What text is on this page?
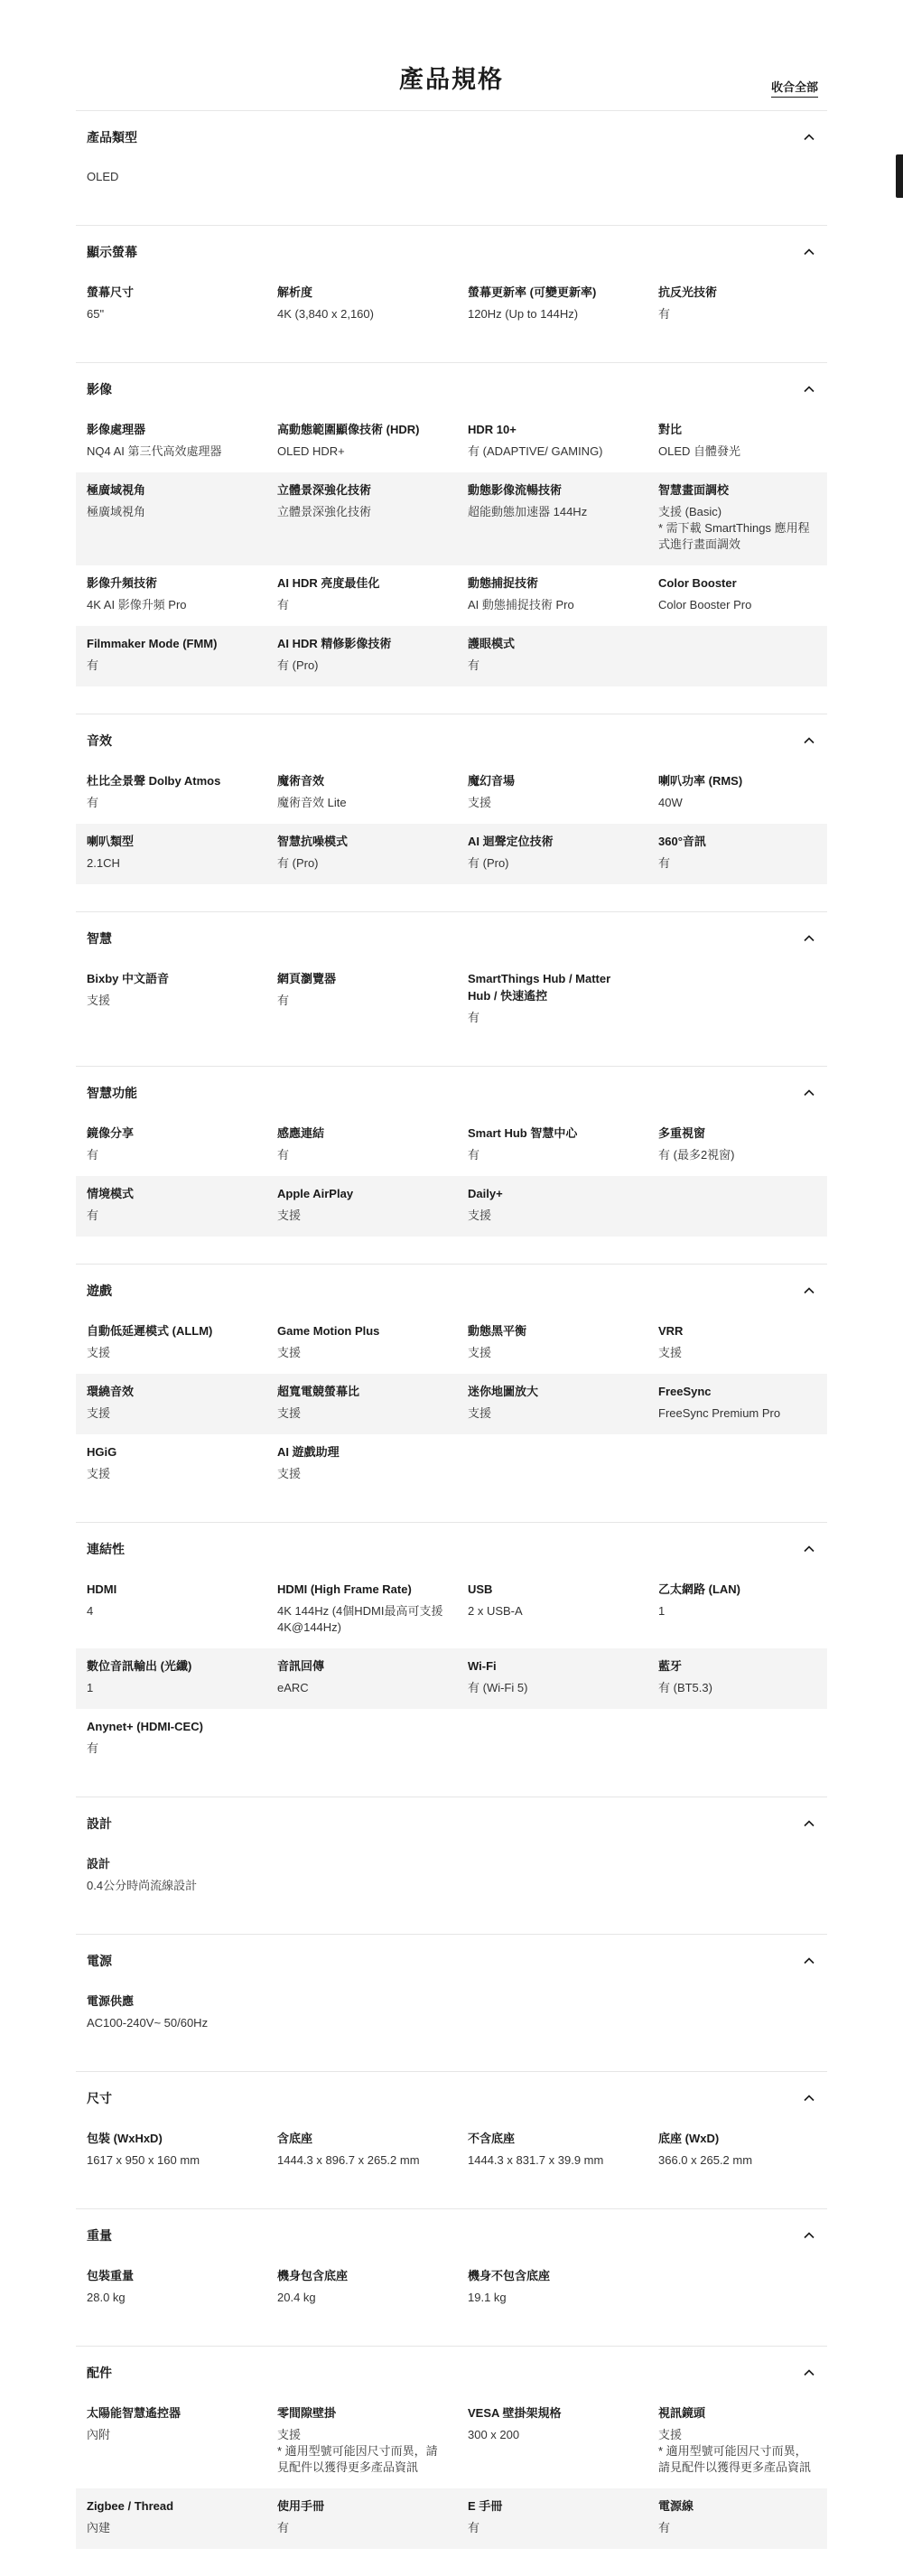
產品規格	收合全部
產品類型
OLED
顯示螢幕
螢幕尺寸
65"
解析度
4K (3,840 x 2,160)
螢幕更新率 (可變更新率)
120Hz (Up to 144Hz)
抗反光技術
有
影像
影像處理器
NQ4 AI 第三代高效處理器
高動態範圍顯像技術 (HDR)
OLED HDR+
HDR 10+
有 (ADAPTIVE/ GAMING)
對比
OLED 自體發光
極廣域視角
極廣域視角
立體景深強化技術
立體景深強化技術
動態影像流暢技術
超能動態加速器 144Hz
智慧畫面調校
支援 (Basic)
* 需下載 SmartThings 應用程式進行畫面調效
影像升頻技術
4K AI 影像升頻 Pro
AI HDR 亮度最佳化
有
動態捕捉技術
AI 動態捕捉技術 Pro
Color Booster
Color Booster Pro
Filmmaker Mode (FMM)
有
AI HDR 精修影像技術
有 (Pro)
護眼模式
有
音效
杜比全景聲 Dolby Atmos
有
魔術音效
魔術音效 Lite
魔幻音場
支援
喇叭功率 (RMS)
40W
喇叭類型
2.1CH
智慧抗噪模式
有 (Pro)
AI 迴聲定位技術
有 (Pro)
360°音訊
有
智慧
Bixby 中文語音
支援
網頁瀏覽器
有
SmartThings Hub / Matter Hub / 快速遙控
有
智慧功能
鏡像分享
有
感應連結
有
Smart Hub 智慧中心
有
多重視窗
有 (最多2視窗)
情境模式
有
Apple AirPlay
支援
Daily+
支援
遊戲
自動低延遲模式 (ALLM)
支援
Game Motion Plus
支援
動態黑平衡
支援
VRR
支援
環繞音效
支援
超寬電競螢幕比
支援
迷你地圖放大
支援
FreeSync
FreeSync Premium Pro
HGiG
支援
AI 遊戲助理
支援
連結性
HDMI
4
HDMI (High Frame Rate)
4K 144Hz (4個HDMI最高可支援4K@144Hz)
USB
2 x USB-A
乙太網路 (LAN)
1
數位音訊輸出 (光纖)
1
音訊回傳
eARC
Wi-Fi
有 (Wi-Fi 5)
藍牙
有 (BT5.3)
Anynet+ (HDMI-CEC)
有
設計
設計
0.4公分時尚流線設計
電源
電源供應
AC100-240V~ 50/60Hz
尺寸
包裝 (WxHxD)
1617 x 950 x 160 mm
含底座
1444.3 x 896.7 x 265.2 mm
不含底座
1444.3 x 831.7 x 39.9 mm
底座 (WxD)
366.0 x 265.2 mm
重量
包裝重量
28.0 kg
機身包含底座
20.4 kg
機身不包含底座
19.1 kg
配件
太陽能智慧遙控器
內附
零間隙壁掛
支援
* 適用型號可能因尺寸而異，請見配件以獲得更多產品資訊
VESA 壁掛架規格
300 x 200
視訊鏡頭
支援
* 適用型號可能因尺寸而異，請見配件以獲得更多產品資訊
Zigbee / Thread
內建
使用手冊
有
E 手冊
有
電源線
有
